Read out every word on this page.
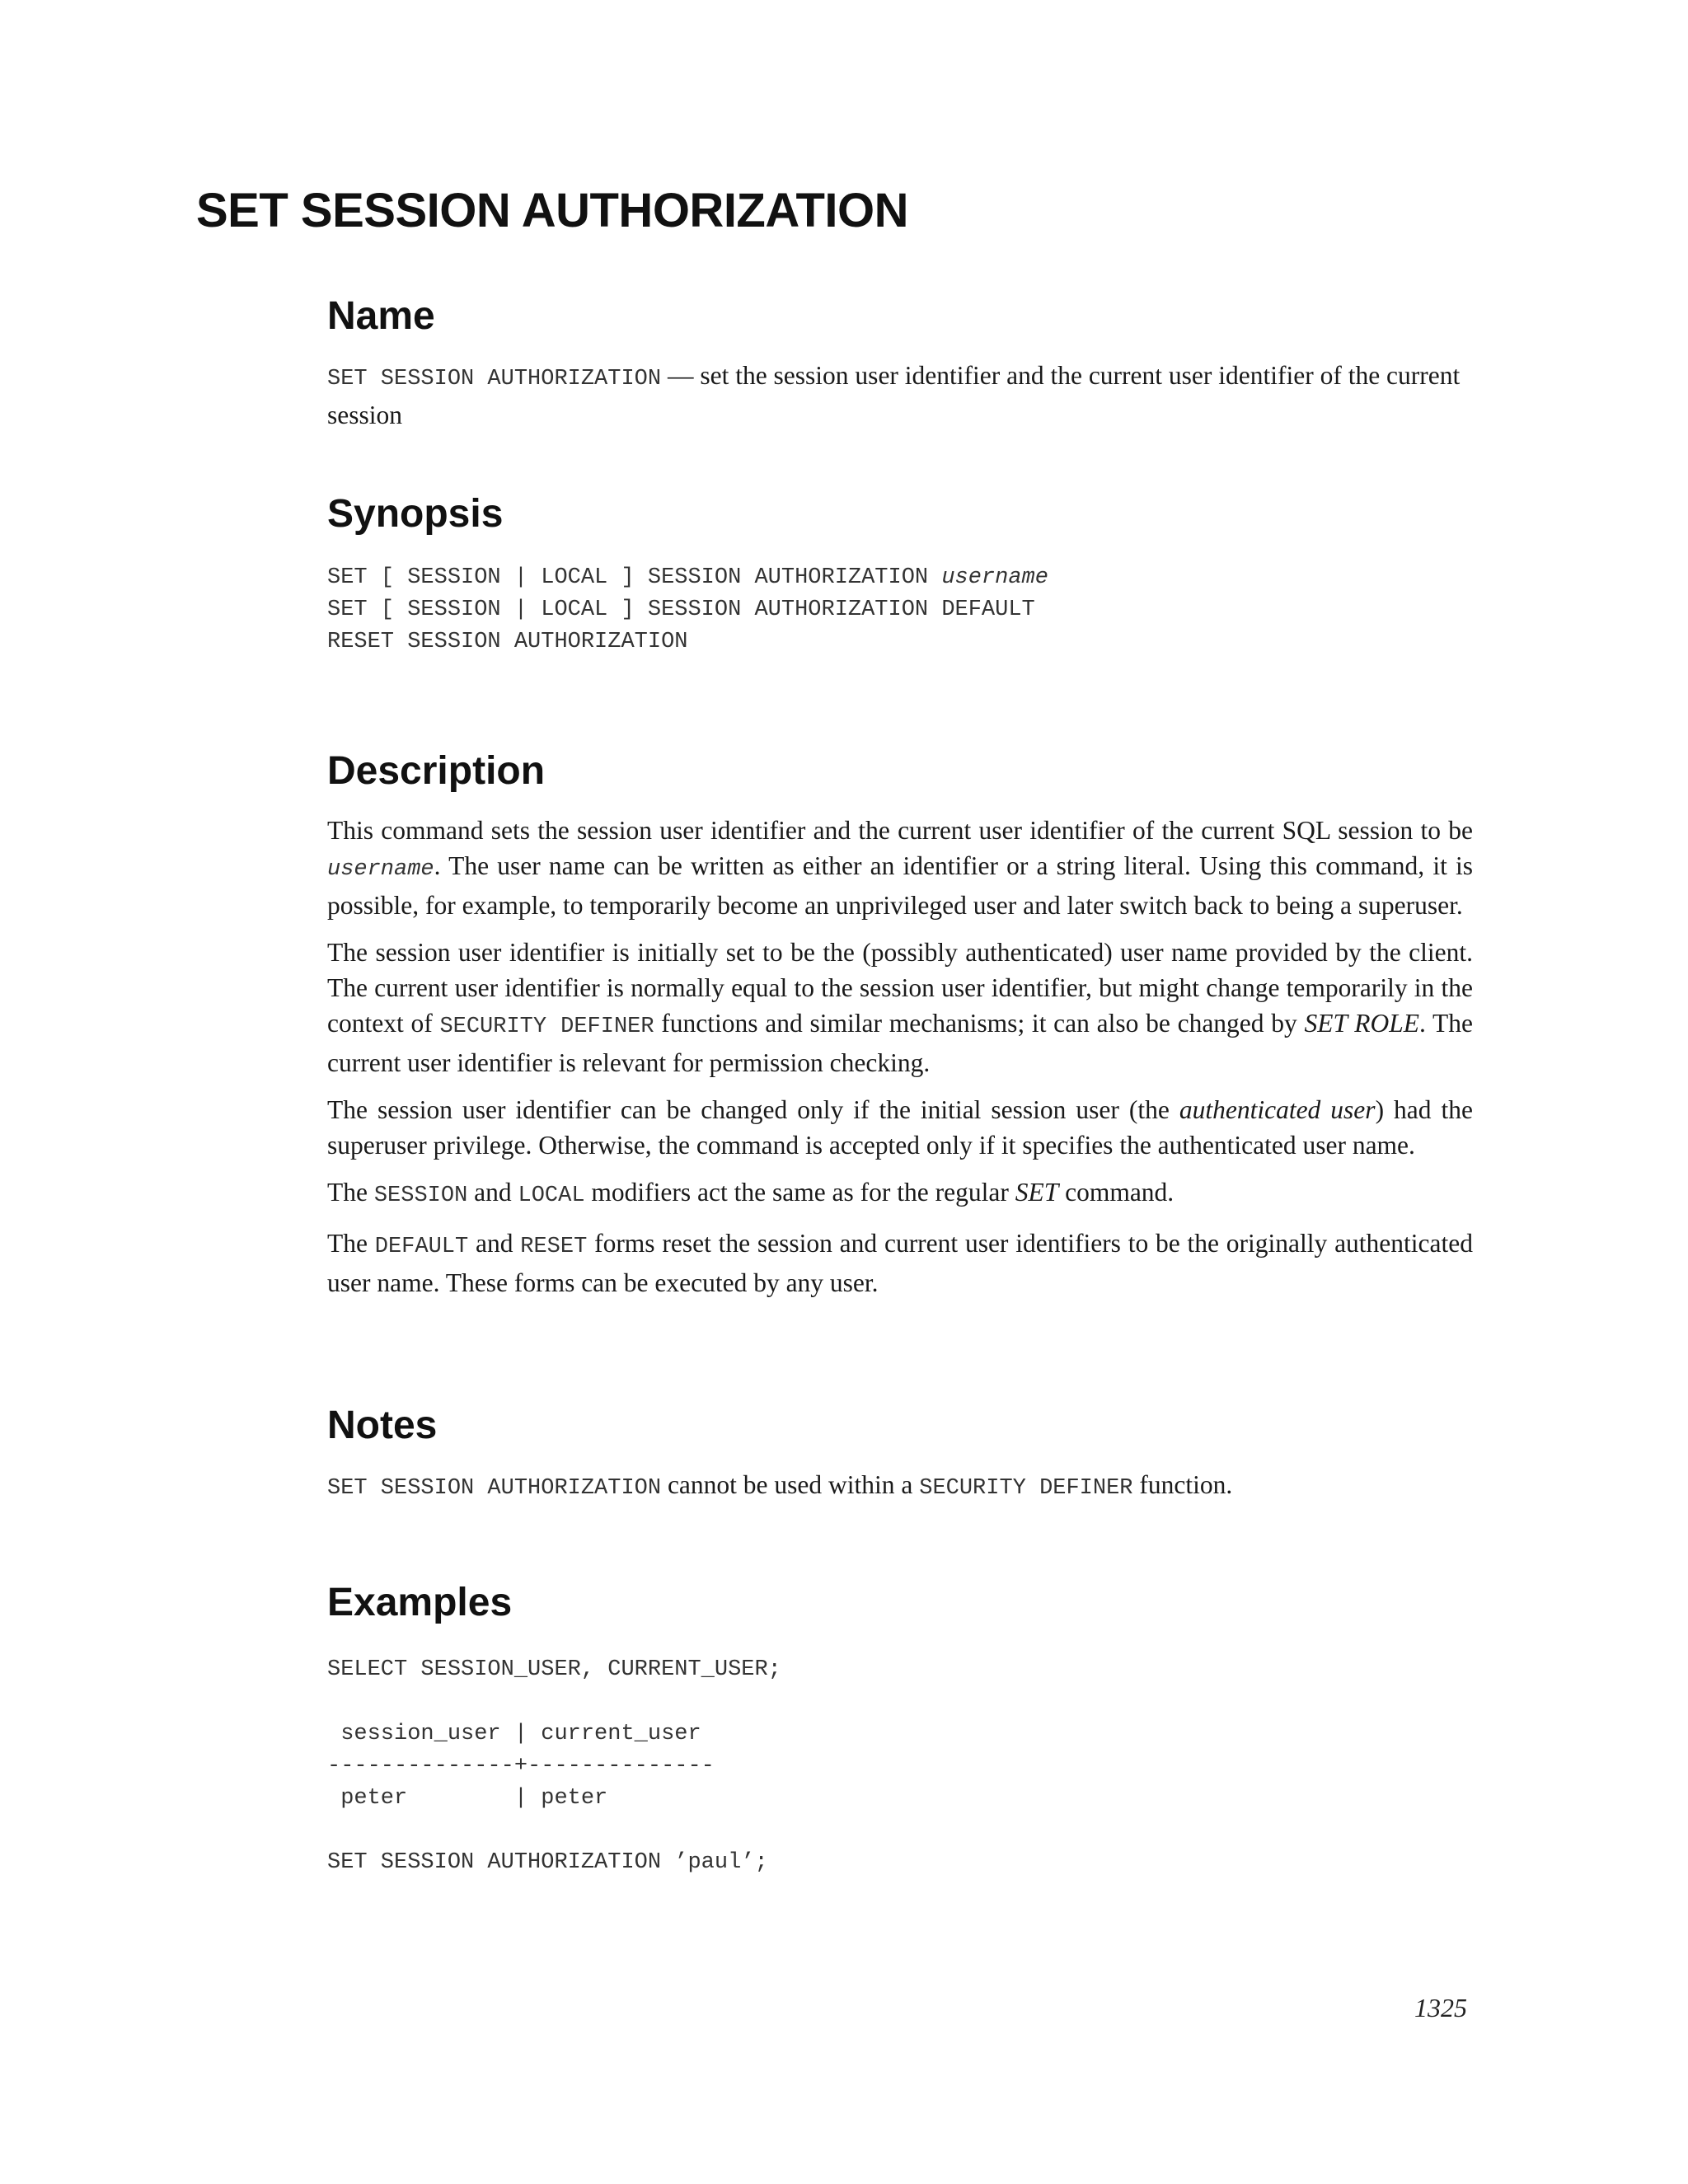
SET SESSION AUTHORIZATION
Name

SET SESSION AUTHORIZATION — set the session user identifier and the current user identifier of the current session

Synopsis
SET [ SESSION | LOCAL ] SESSION AUTHORIZATION username
SET [ SESSION | LOCAL ] SESSION AUTHORIZATION DEFAULT
RESET SESSION AUTHORIZATION
Description

This command sets the session user identifier and the current user identifier of the current SQL session to be username. The user name can be written as either an identifier or a string literal. Using this command, it is possible, for example, to temporarily become an unprivileged user and later switch back to being a superuser.

The session user identifier is initially set to be the (possibly authenticated) user name provided by the client. The current user identifier is normally equal to the session user identifier, but might change temporarily in the context of SECURITY DEFINER functions and similar mechanisms; it can also be changed by SET ROLE. The current user identifier is relevant for permission checking.

The session user identifier can be changed only if the initial session user (the authenticated user) had the superuser privilege. Otherwise, the command is accepted only if it specifies the authenticated user name.

The SESSION and LOCAL modifiers act the same as for the regular SET command.

The DEFAULT and RESET forms reset the session and current user identifiers to be the originally authenticated user name. These forms can be executed by any user.

Notes

SET SESSION AUTHORIZATION cannot be used within a SECURITY DEFINER function.

Examples
SELECT SESSION_USER, CURRENT_USER;
session_user | current_user
--------------+--------------
peter        | peter
SET SESSION AUTHORIZATION ’paul’;
1325
